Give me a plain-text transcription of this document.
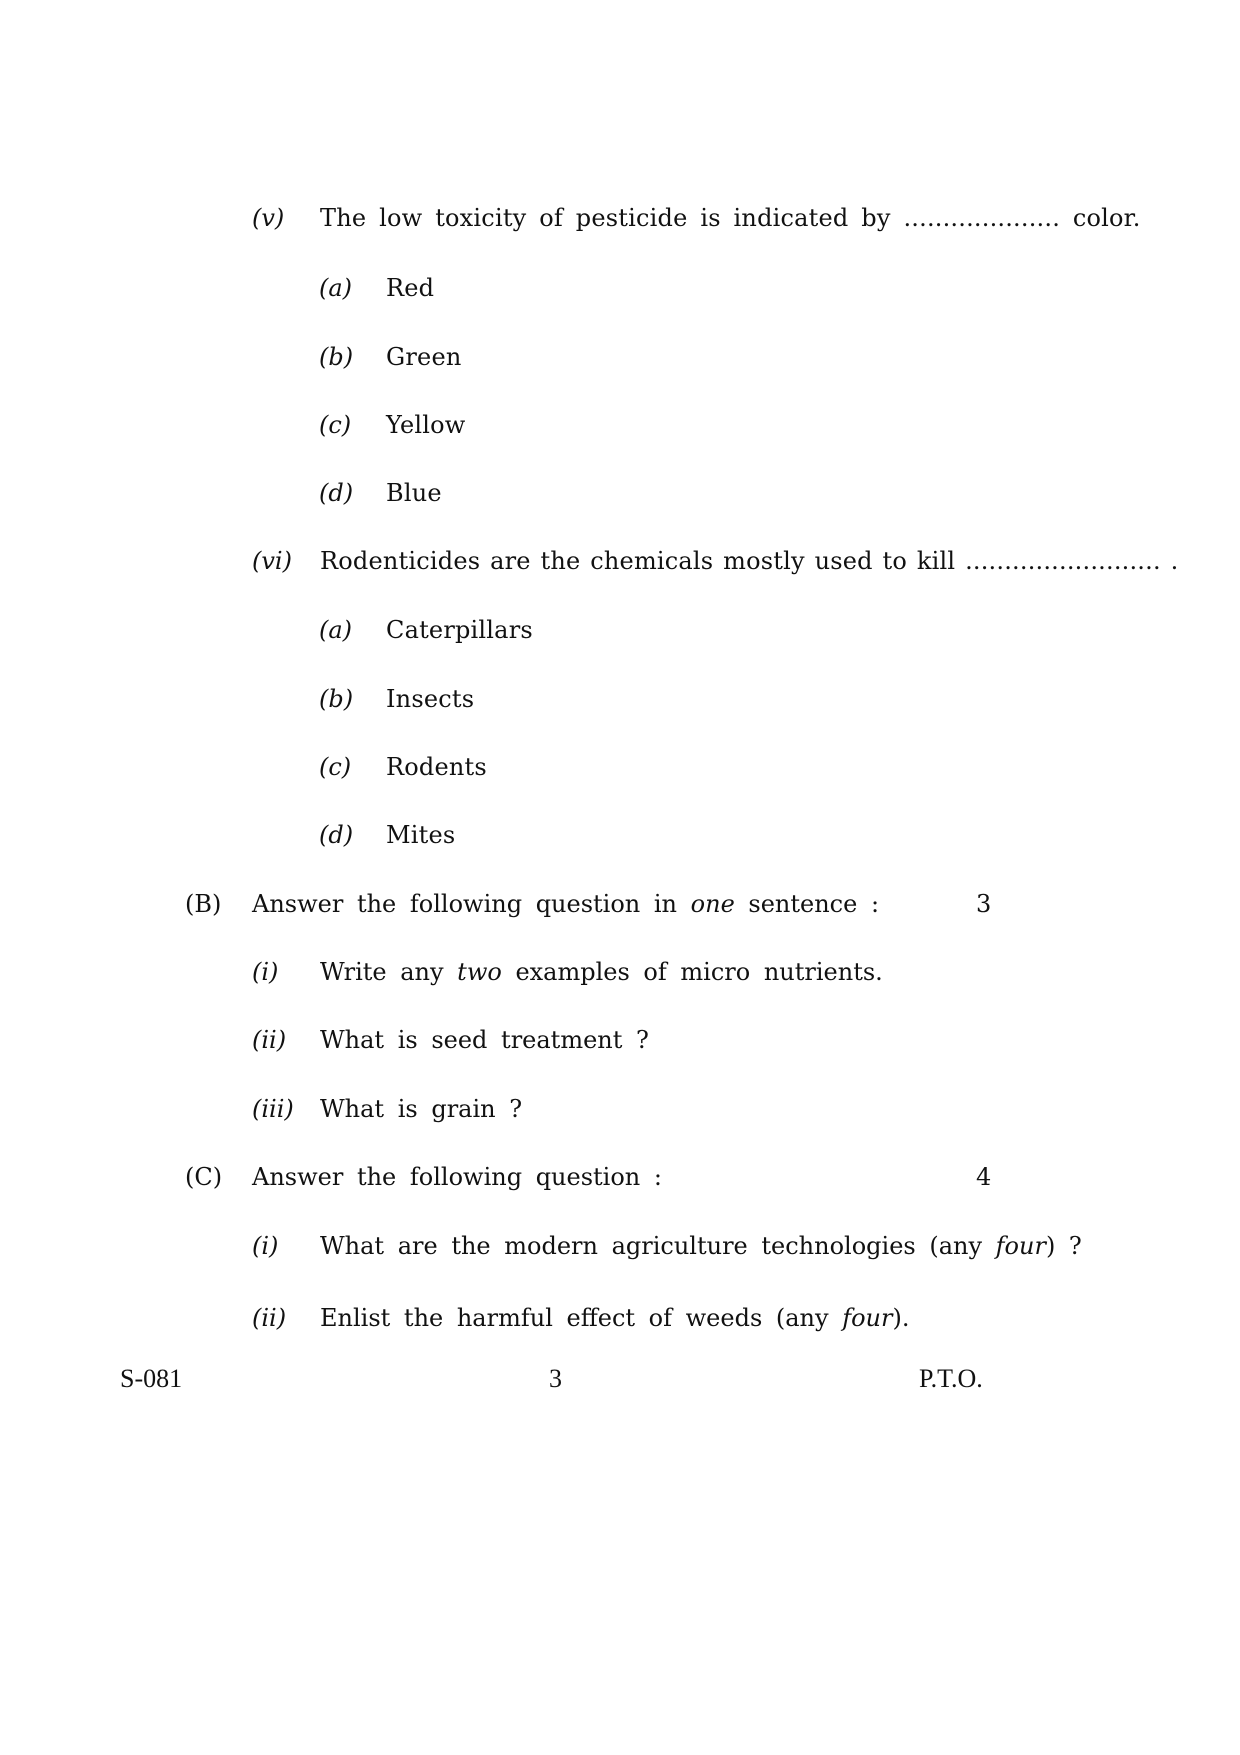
(v) The low toxicity of pesticide is indicated by .................... color.
(a) Red
(b) Green
(c) Yellow
(d) Blue
(vi) Rodenticides are the chemicals mostly used to kill ......................... .
(a) Caterpillars
(b) Insects
(c) Rodents
(d) Mites
(B) Answer the following question in one sentence :	3
(i) Write any two examples of micro nutrients.
(ii) What is seed treatment ?
(iii) What is grain ?
(C) Answer the following question :	4
(i) What are the modern agriculture technologies (any four) ?
(ii) Enlist the harmful effect of weeds (any four).
S-081	3	P.T.O.
